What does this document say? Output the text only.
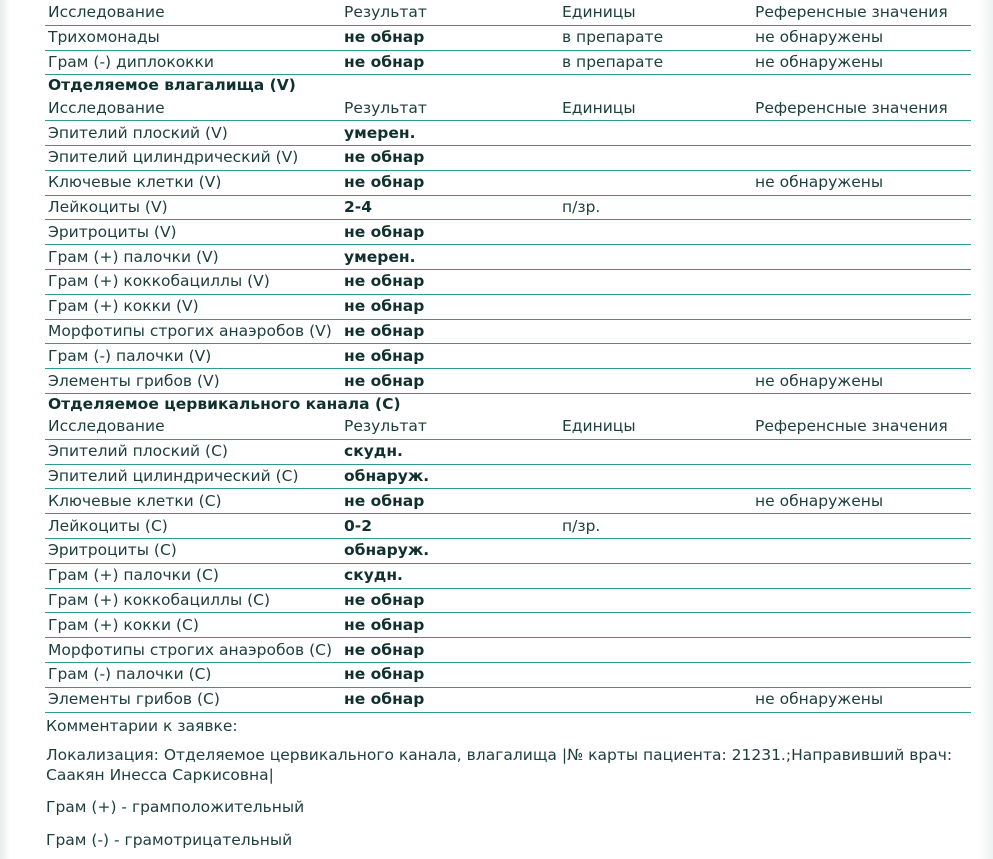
Исследование	Результат	Единицы	Референсные значения
Трихомонады	не обнар	в препарате	не обнаружены
Грам (-) диплококки	не обнар	в препарате	не обнаружены
Отделяемое влагалища (V)			
Исследование	Результат	Единицы	Референсные значения
Эпителий плоский (V)	умерен.		
Эпителий цилиндрический (V)	не обнар		
Ключевые клетки (V)	не обнар		не обнаружены
Лейкоциты (V)	2-4	п/зр.	
Эритроциты (V)	не обнар		
Грам (+) палочки (V)	умерен.		
Грам (+) коккобациллы (V)	не обнар		
Грам (+) кокки (V)	не обнар		
Морфотипы строгих анаэробов (V)	не обнар		
Грам (-) палочки (V)	не обнар		
Элементы грибов (V)	не обнар		не обнаружены
Отделяемое цервикального канала (C)			
Исследование	Результат	Единицы	Референсные значения
Эпителий плоский (C)	скудн.		
Эпителий цилиндрический (C)	обнаруж.		
Ключевые клетки (C)	не обнар		не обнаружены
Лейкоциты (C)	0-2	п/зр.	
Эритроциты (C)	обнаруж.		
Грам (+) палочки (C)	скудн.		
Грам (+) коккобациллы (C)	не обнар		
Грам (+) кокки (C)	не обнар		
Морфотипы строгих анаэробов (C)	не обнар		
Грам (-) палочки (C)	не обнар		
Элементы грибов (C)	не обнар		не обнаружены

Комментарии к заявке:

Локализация: Отделяемое цервикального канала, влагалища |№ карты пациента: 21231.;Направивший врач: Саакян Инесса Саркисовна|

Грам (+) - грамположительный

Грам (-) - грамотрицательный
